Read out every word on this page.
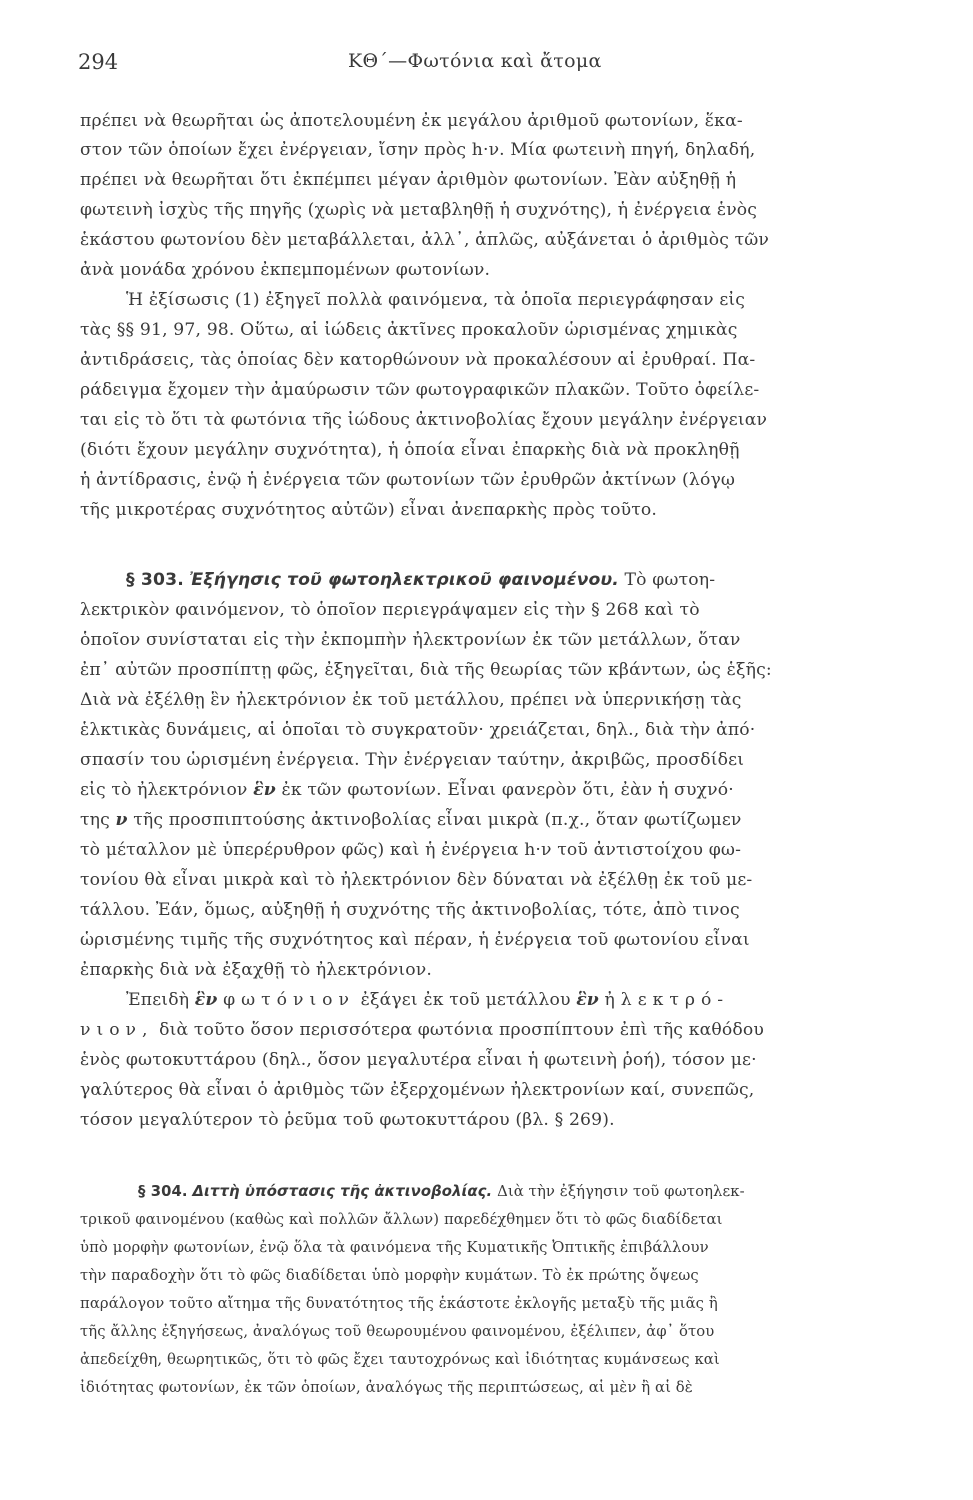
294	ΚΘ΄—Φωτόνια καὶ ἄτομα
πρέπει νὰ θεωρῆται ὡς ἀποτελουμένη ἐκ μεγάλου ἀριθμοῦ φωτονίων, ἕκα-
στον τῶν ὁποίων ἔχει ἐνέργειαν, ἴσην πρὸς h·ν. Μία φωτεινὴ πηγή, δηλαδή,
πρέπει νὰ θεωρῆται ὅτι ἐκπέμπει μέγαν ἀριθμὸν φωτονίων. Ἐὰν αὐξηθῇ ἡ
φωτεινὴ ἰσχὺς τῆς πηγῆς (χωρὶς νὰ μεταβληθῇ ἡ συχνότης), ἡ ἐνέργεια ἑνὸς
ἑκάστου φωτονίου δὲν μεταβάλλεται, ἀλλ᾿, ἁπλῶς, αὐξάνεται ὁ ἀριθμὸς τῶν
ἀνὰ μονάδα χρόνου ἐκπεμπομένων φωτονίων.
Ἡ ἐξίσωσις (1) ἐξηγεῖ πολλὰ φαινόμενα, τὰ ὁποῖα περιεγράφησαν εἰς
τὰς §§ 91, 97, 98. Οὕτω, αἱ ἰώδεις ἀκτῖνες προκαλοῦν ὡρισμένας χημικὰς
ἀντιδράσεις, τὰς ὁποίας δὲν κατορθώνουν νὰ προκαλέσουν αἱ ἐρυθραί. Πα-
ράδειγμα ἔχομεν τὴν ἀμαύρωσιν τῶν φωτογραφικῶν πλακῶν. Τοῦτο ὀφείλε-
ται εἰς τὸ ὅτι τὰ φωτόνια τῆς ἰώδους ἀκτινοβολίας ἔχουν μεγάλην ἐνέργειαν
(διότι ἔχουν μεγάλην συχνότητα), ἡ ὁποία εἶναι ἐπαρκὴς διὰ νὰ προκληθῇ
ἡ ἀντίδρασις, ἐνῷ ἡ ἐνέργεια τῶν φωτονίων τῶν ἐρυθρῶν ἀκτίνων (λόγῳ
τῆς μικροτέρας συχνότητος αὐτῶν) εἶναι ἀνεπαρκὴς πρὸς τοῦτο.
§ 303. Ἐξήγησις τοῦ φωτοηλεκτρικοῦ φαινομένου. Τὸ φωτοη-
λεκτρικὸν φαινόμενον, τὸ ὁποῖον περιεγράψαμεν εἰς τὴν § 268 καὶ τὸ
ὁποῖον συνίσταται εἰς τὴν ἐκπομπὴν ἠλεκτρονίων ἐκ τῶν μετάλλων, ὅταν
ἐπ᾿ αὐτῶν προσπίπτῃ φῶς, ἐξηγεῖται, διὰ τῆς θεωρίας τῶν κβάντων, ὡς ἑξῆς:
Διὰ νὰ ἐξέλθῃ ἓν ἠλεκτρόνιον ἐκ τοῦ μετάλλου, πρέπει νὰ ὑπερνικήσῃ τὰς
ἑλκτικὰς δυνάμεις, αἱ ὁποῖαι τὸ συγκρατοῦν· χρειάζεται, δηλ., διὰ τὴν ἀπό·
σπασίν του ὡρισμένη ἐνέργεια. Τὴν ἐνέργειαν ταύτην, ἀκριβῶς, προσδίδει
εἰς τὸ ἠλεκτρόνιον ἓν ἐκ τῶν φωτονίων. Εἶναι φανερὸν ὅτι, ἐὰν ἡ συχνό·
της ν τῆς προσπιπτούσης ἀκτινοβολίας εἶναι μικρὰ (π.χ., ὅταν φωτίζωμεν
τὸ μέταλλον μὲ ὑπερέρυθρον φῶς) καὶ ἡ ἐνέργεια h·ν τοῦ ἀντιστοίχου φω-
τονίου θὰ εἶναι μικρὰ καὶ τὸ ἠλεκτρόνιον δὲν δύναται νὰ ἐξέλθῃ ἐκ τοῦ με-
τάλλου. Ἐάν, ὅμως, αὐξηθῇ ἡ συχνότης τῆς ἀκτινοβολίας, τότε, ἀπὸ τινος
ὡρισμένης τιμῆς τῆς συχνότητος καὶ πέραν, ἡ ἐνέργεια τοῦ φωτονίου εἶναι
ἐπαρκὴς διὰ νὰ ἐξαχθῇ τὸ ἠλεκτρόνιον.
Ἐπειδὴ ἓν φωτόνιον ἐξάγει ἐκ τοῦ μετάλλου ἓν ἠλεκτρό-
νιον, διὰ τοῦτο ὅσον περισσότερα φωτόνια προσπίπτουν ἐπὶ τῆς καθόδου
ἑνὸς φωτοκυττάρου (δηλ., ὅσον μεγαλυτέρα εἶναι ἡ φωτεινὴ ῥοή), τόσον με·
γαλύτερος θὰ εἶναι ὁ ἀριθμὸς τῶν ἐξερχομένων ἠλεκτρονίων καί, συνεπῶς,
τόσον μεγαλύτερον τὸ ῥεῦμα τοῦ φωτοκυττάρου (βλ. § 269).
§ 304. Διττὴ ὑπόστασις τῆς ἀκτινοβολίας. Διὰ τὴν ἐξήγησιν τοῦ φωτοηλεκ-
τρικοῦ φαινομένου (καθὼς καὶ πολλῶν ἄλλων) παρεδέχθημεν ὅτι τὸ φῶς διαδίδεται
ὑπὸ μορφὴν φωτονίων, ἐνῷ ὅλα τὰ φαινόμενα τῆς Κυματικῆς Ὀπτικῆς ἐπιβάλλουν
τὴν παραδοχὴν ὅτι τὸ φῶς διαδίδεται ὑπὸ μορφὴν κυμάτων. Τὸ ἐκ πρώτης ὄψεως
παράλογον τοῦτο αἴτημα τῆς δυνατότητος τῆς ἑκάστοτε ἐκλογῆς μεταξὺ τῆς μιᾶς ἢ
τῆς ἄλλης ἐξηγήσεως, ἀναλόγως τοῦ θεωρουμένου φαινομένου, ἐξέλιπεν, ἀφ᾿ ὅτου
ἀπεδείχθη, θεωρητικῶς, ὅτι τὸ φῶς ἔχει ταυτοχρόνως καὶ ἰδιότητας κυμάνσεως καὶ
ἰδιότητας φωτονίων, ἐκ τῶν ὁποίων, ἀναλόγως τῆς περιπτώσεως, αἱ μὲν ἢ αἱ δὲ
